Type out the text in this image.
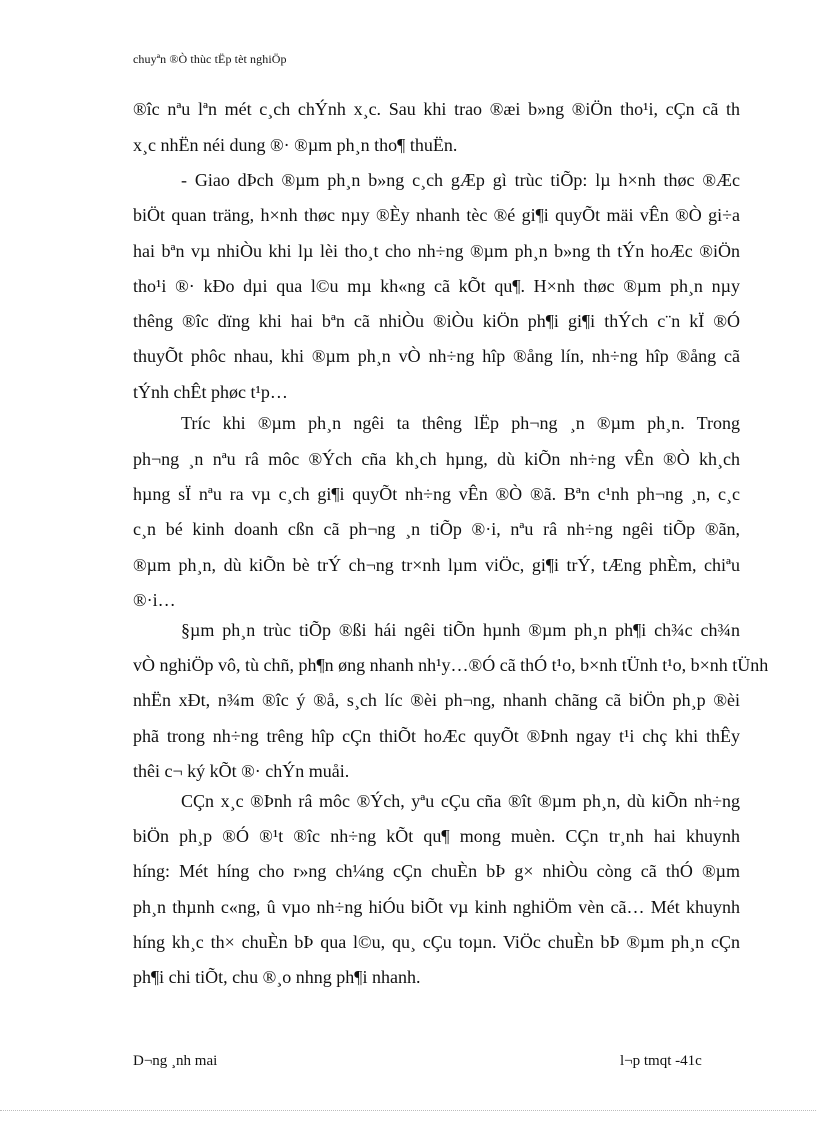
chuyªn ®Ò thùc tËp tèt nghiÖp
®îc nªu lªn mét c¸ch chÝnh x¸c. Sau khi trao ®æi b»ng ®iÖn tho¹i, cÇn cã th
x¸c nhËn néi dung ®· ®µm ph¸n tho¶ thuËn.
- Giao dÞch ®µm ph¸n b»ng c¸ch gÆp gì trùc tiÕp: lµ h×nh thøc ®Æc
biÖt quan träng, h×nh thøc nµy ®Èy nhanh tèc ®é gi¶i quyÕt mäi vÊn ®Ò gi÷a
hai bªn vµ nhiÒu khi lµ lèi tho¸t cho nh÷ng ®µm ph¸n b»ng th tÝn hoÆc ®iÖn
tho¹i ®· kÐo dµi qua l©u mµ kh«ng cã kÕt qu¶. H×nh thøc ®µm ph¸n nµy
thêng ®îc dïng khi hai bªn cã nhiÒu ®iÒu kiÖn ph¶i gi¶i thÝch c¨n kÏ ®Ó
thuyÕt phôc nhau, khi ®µm ph¸n vÒ nh÷ng hîp ®ång lín, nh÷ng hîp ®ång cã
tÝnh chÊt phøc t¹p…
Tríc khi ®µm ph¸n ngêi ta thêng lËp ph¬ng ¸n ®µm ph¸n. Trong
ph¬ng ¸n nªu râ môc ®Ých cña kh¸ch hµng, dù kiÕn nh÷ng vÊn ®Ò kh¸ch
hµng sÏ nªu ra vµ c¸ch gi¶i quyÕt nh÷ng vÊn ®Ò ®ã. Bªn c¹nh ph¬ng ¸n, c¸c
c¸n bé kinh doanh cßn cã ph¬ng ¸n tiÕp ®·i, nªu râ nh÷ng ngêi tiÕp ®ãn,
®µm ph¸n, dù kiÕn bè trÝ ch¬ng tr×nh lµm viÖc, gi¶i trÝ, tÆng phÈm, chiªu
®·i…
§µm ph¸n trùc tiÕp ®ßi hái ngêi tiÕn hµnh ®µm ph¸n ph¶i ch¾c ch¾n
vÒ nghiÖp vô, tù chñ, ph¶n øng nhanh nh¹y…®Ó cã thÓ t¹o, b×nh tÜnh t¹o, b×nh tÜnh
nhËn xÐt, n¾m ®îc ý ®å, s¸ch líc ®èi ph¬ng, nhanh chãng cã biÖn ph¸p ®èi
phã trong nh÷ng trêng hîp cÇn thiÕt hoÆc quyÕt ®Þnh ngay t¹i chç khi thÊy
thêi c¬ ký kÕt ®· chÝn muåi.
CÇn x¸c ®Þnh râ môc ®Ých, yªu cÇu cña ®ît ®µm ph¸n, dù kiÕn nh÷ng
biÖn ph¸p ®Ó ®¹t ®îc nh÷ng kÕt qu¶ mong muèn. CÇn tr¸nh hai khuynh
híng: Mét híng cho r»ng ch¼ng cÇn chuÈn bÞ g× nhiÒu còng cã thÓ ®µm
ph¸n thµnh c«ng, û vµo nh÷ng hiÓu biÕt vµ kinh nghiÖm vèn cã… Mét khuynh
híng kh¸c th× chuÈn bÞ qua l©u, qu¸ cÇu toµn. ViÖc chuÈn bÞ ®µm ph¸n cÇn
ph¶i chi tiÕt, chu ®¸o nhng ph¶i nhanh.
D¬ng ¸nh mai	l¬p tmqt -41c
